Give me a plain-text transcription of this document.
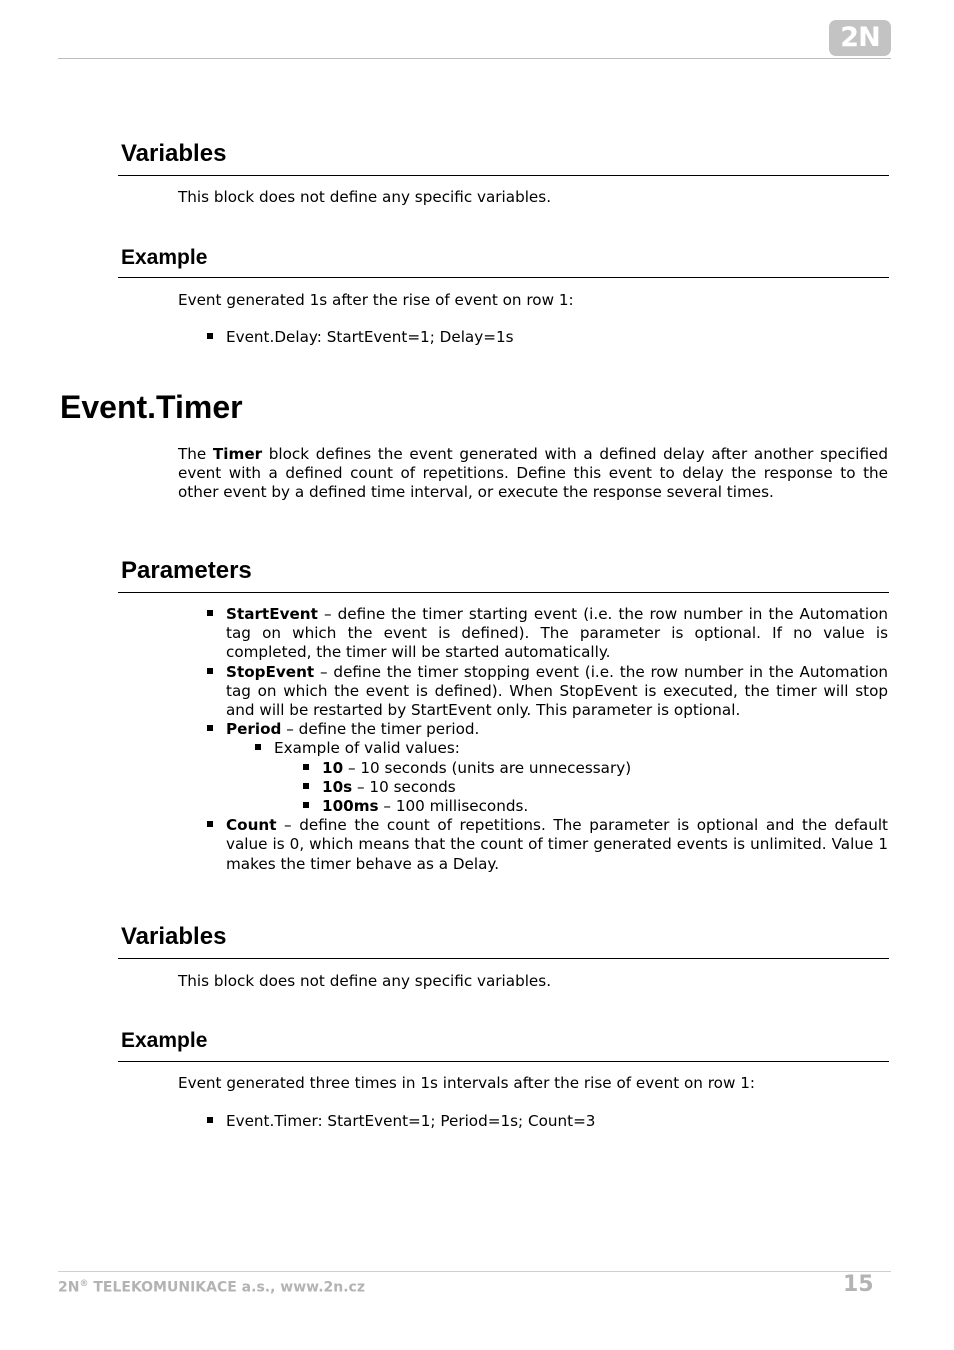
2N
Variables

This block does not define any specific variables.

Example

Event generated 1s after the rise of event on row 1:

Event.Delay: StartEvent=1; Delay=1s
Event.Timer

The Timer block defines the event generated with a defined delay after another specified event with a defined count of repetitions. Define this event to delay the response to the other event by a defined time interval, or execute the response several times.

Parameters
StartEvent – define the timer starting event (i.e. the row number in the Automation tag on which the event is defined). The parameter is optional. If no value is completed, the timer will be started automatically.
StopEvent – define the timer stopping event (i.e. the row number in the Automation tag on which the event is defined). When StopEvent is executed, the timer will stop and will be restarted by StartEvent only. This parameter is optional.
Period – define the timer period.
Example of valid values:
10 – 10 seconds (units are unnecessary)
10s – 10 seconds
100ms – 100 milliseconds.
Count – define the count of repetitions. The parameter is optional and the default value is 0, which means that the count of timer generated events is unlimited. Value 1 makes the timer behave as a Delay.
Variables

This block does not define any specific variables.

Example

Event generated three times in 1s intervals after the rise of event on row 1:

Event.Timer: StartEvent=1; Period=1s; Count=3
2N® TELEKOMUNIKACE a.s., www.2n.cz	15
